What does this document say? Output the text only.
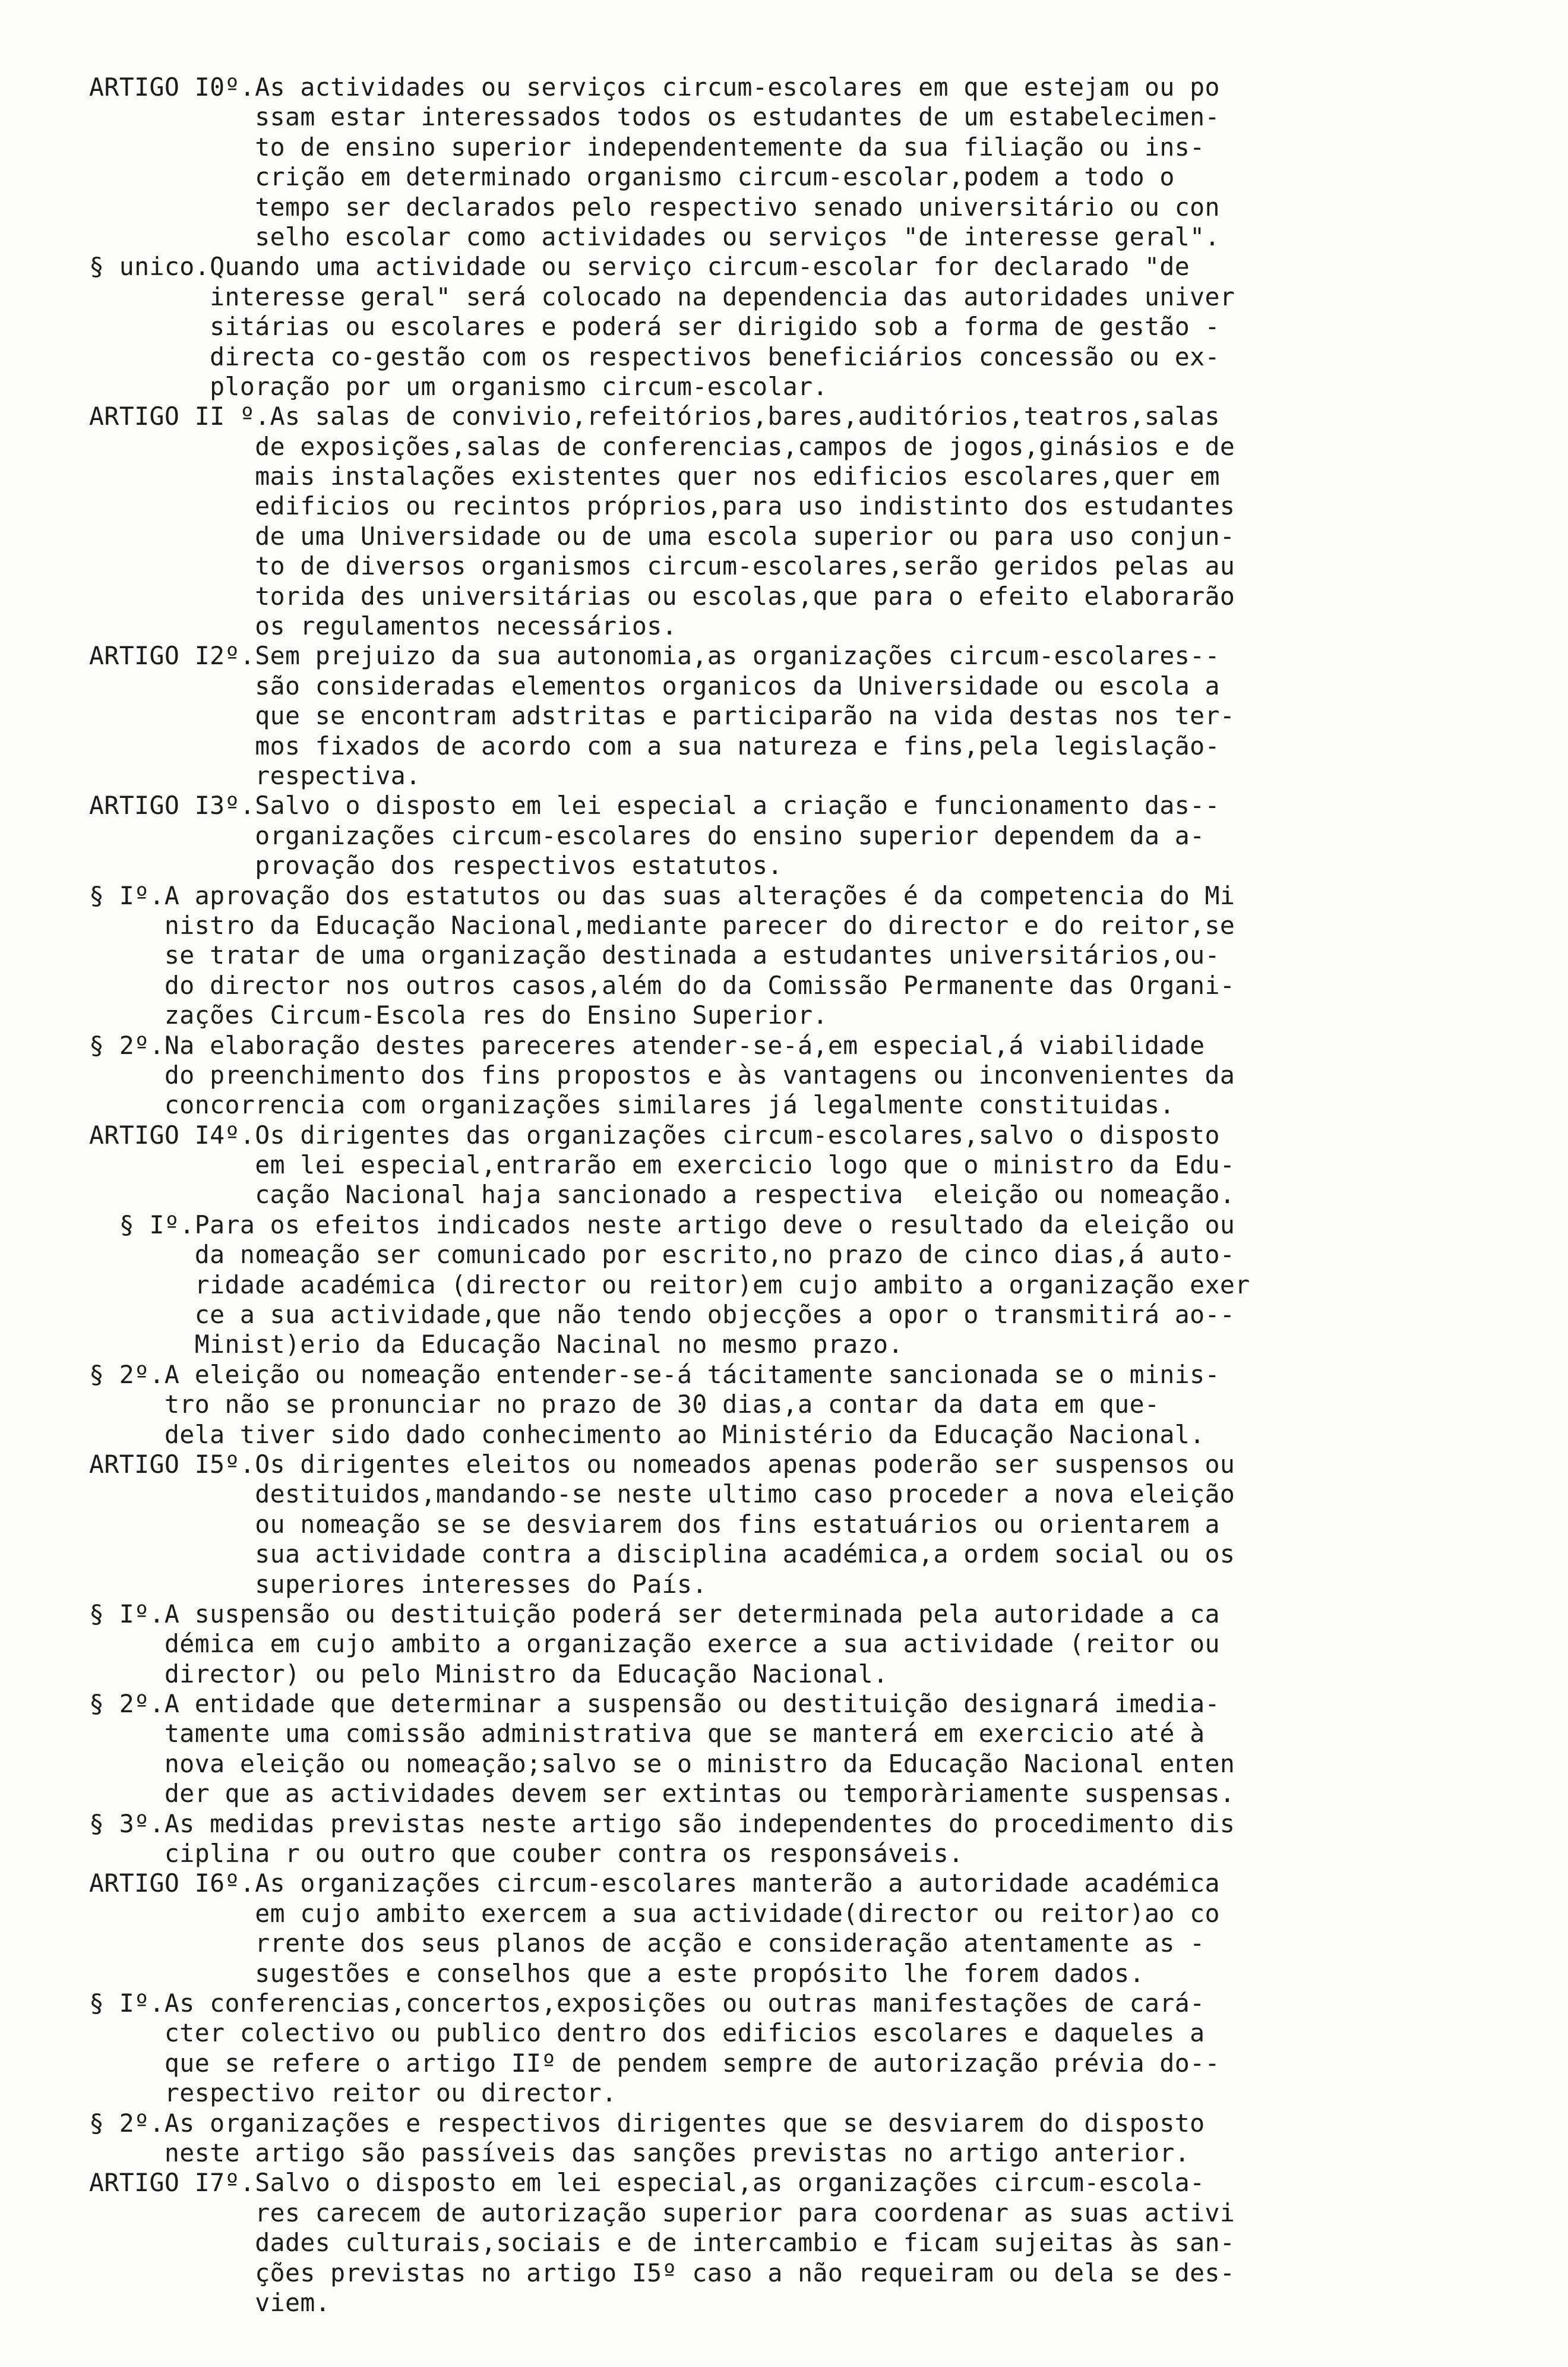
ARTIGO I0º.As actividades ou serviços circum-escolares em que estejam ou po
ssam estar interessados todos os estudantes de um estabelecimen-
to de ensino superior independentemente da sua filiação ou ins-
crição em determinado organismo circum-escolar,podem a todo o
tempo ser declarados pelo respectivo senado universitário ou con
selho escolar como actividades ou serviços "de interesse geral".
§ unico.Quando uma actividade ou serviço circum-escolar for declarado "de
interesse geral" será colocado na dependencia das autoridades univer
sitárias ou escolares e poderá ser dirigido sob a forma de gestão -
directa co-gestão com os respectivos beneficiários concessão ou ex-
ploração por um organismo circum-escolar.
ARTIGO II º.As salas de convivio,refeitórios,bares,auditórios,teatros,salas
de exposições,salas de conferencias,campos de jogos,ginásios e de
mais instalações existentes quer nos edificios escolares,quer em
edificios ou recintos próprios,para uso indistinto dos estudantes
de uma Universidade ou de uma escola superior ou para uso conjun-
to de diversos organismos circum-escolares,serão geridos pelas au
torida des universitárias ou escolas,que para o efeito elaborarão
os regulamentos necessários.
ARTIGO I2º.Sem prejuizo da sua autonomia,as organizações circum-escolares--
são consideradas elementos organicos da Universidade ou escola a
que se encontram adstritas e participarão na vida destas nos ter-
mos fixados de acordo com a sua natureza e fins,pela legislação-
respectiva.
ARTIGO I3º.Salvo o disposto em lei especial a criação e funcionamento das--
organizações circum-escolares do ensino superior dependem da a-
provação dos respectivos estatutos.
§ Iº.A aprovação dos estatutos ou das suas alterações é da competencia do Mi
nistro da Educação Nacional,mediante parecer do director e do reitor,se
se tratar de uma organização destinada a estudantes universitários,ou-
do director nos outros casos,além do da Comissão Permanente das Organi-
zações Circum-Escola res do Ensino Superior.
§ 2º.Na elaboração destes pareceres atender-se-á,em especial,á viabilidade
do preenchimento dos fins propostos e às vantagens ou inconvenientes da
concorrencia com organizações similares já legalmente constituidas.
ARTIGO I4º.Os dirigentes das organizações circum-escolares,salvo o disposto
em lei especial,entrarão em exercicio logo que o ministro da Edu-
cação Nacional haja sancionado a respectiva  eleição ou nomeação.
§ Iº.Para os efeitos indicados neste artigo deve o resultado da eleição ou
da nomeação ser comunicado por escrito,no prazo de cinco dias,á auto-
ridade académica (director ou reitor)em cujo ambito a organização exer
ce a sua actividade,que não tendo objecções a opor o transmitirá ao--
Minist)erio da Educação Nacinal no mesmo prazo.
§ 2º.A eleição ou nomeação entender-se-á tácitamente sancionada se o minis-
tro não se pronunciar no prazo de 30 dias,a contar da data em que-
dela tiver sido dado conhecimento ao Ministério da Educação Nacional.
ARTIGO I5º.Os dirigentes eleitos ou nomeados apenas poderão ser suspensos ou
destituidos,mandando-se neste ultimo caso proceder a nova eleição
ou nomeação se se desviarem dos fins estatuários ou orientarem a
sua actividade contra a disciplina académica,a ordem social ou os
superiores interesses do País.
§ Iº.A suspensão ou destituição poderá ser determinada pela autoridade a ca
démica em cujo ambito a organização exerce a sua actividade (reitor ou
director) ou pelo Ministro da Educação Nacional.
§ 2º.A entidade que determinar a suspensão ou destituição designará imedia-
tamente uma comissão administrativa que se manterá em exercicio até à
nova eleição ou nomeação;salvo se o ministro da Educação Nacional enten
der que as actividades devem ser extintas ou temporàriamente suspensas.
§ 3º.As medidas previstas neste artigo são independentes do procedimento dis
ciplina r ou outro que couber contra os responsáveis.
ARTIGO I6º.As organizações circum-escolares manterão a autoridade académica
em cujo ambito exercem a sua actividade(director ou reitor)ao co
rrente dos seus planos de acção e consideração atentamente as -
sugestões e conselhos que a este propósito lhe forem dados.
§ Iº.As conferencias,concertos,exposições ou outras manifestações de cará-
cter colectivo ou publico dentro dos edificios escolares e daqueles a
que se refere o artigo IIº de pendem sempre de autorização prévia do--
respectivo reitor ou director.
§ 2º.As organizações e respectivos dirigentes que se desviarem do disposto
neste artigo são passíveis das sanções previstas no artigo anterior.
ARTIGO I7º.Salvo o disposto em lei especial,as organizações circum-escola-
res carecem de autorização superior para coordenar as suas activi
dades culturais,sociais e de intercambio e ficam sujeitas às san-
ções previstas no artigo I5º caso a não requeiram ou dela se des-
viem.
